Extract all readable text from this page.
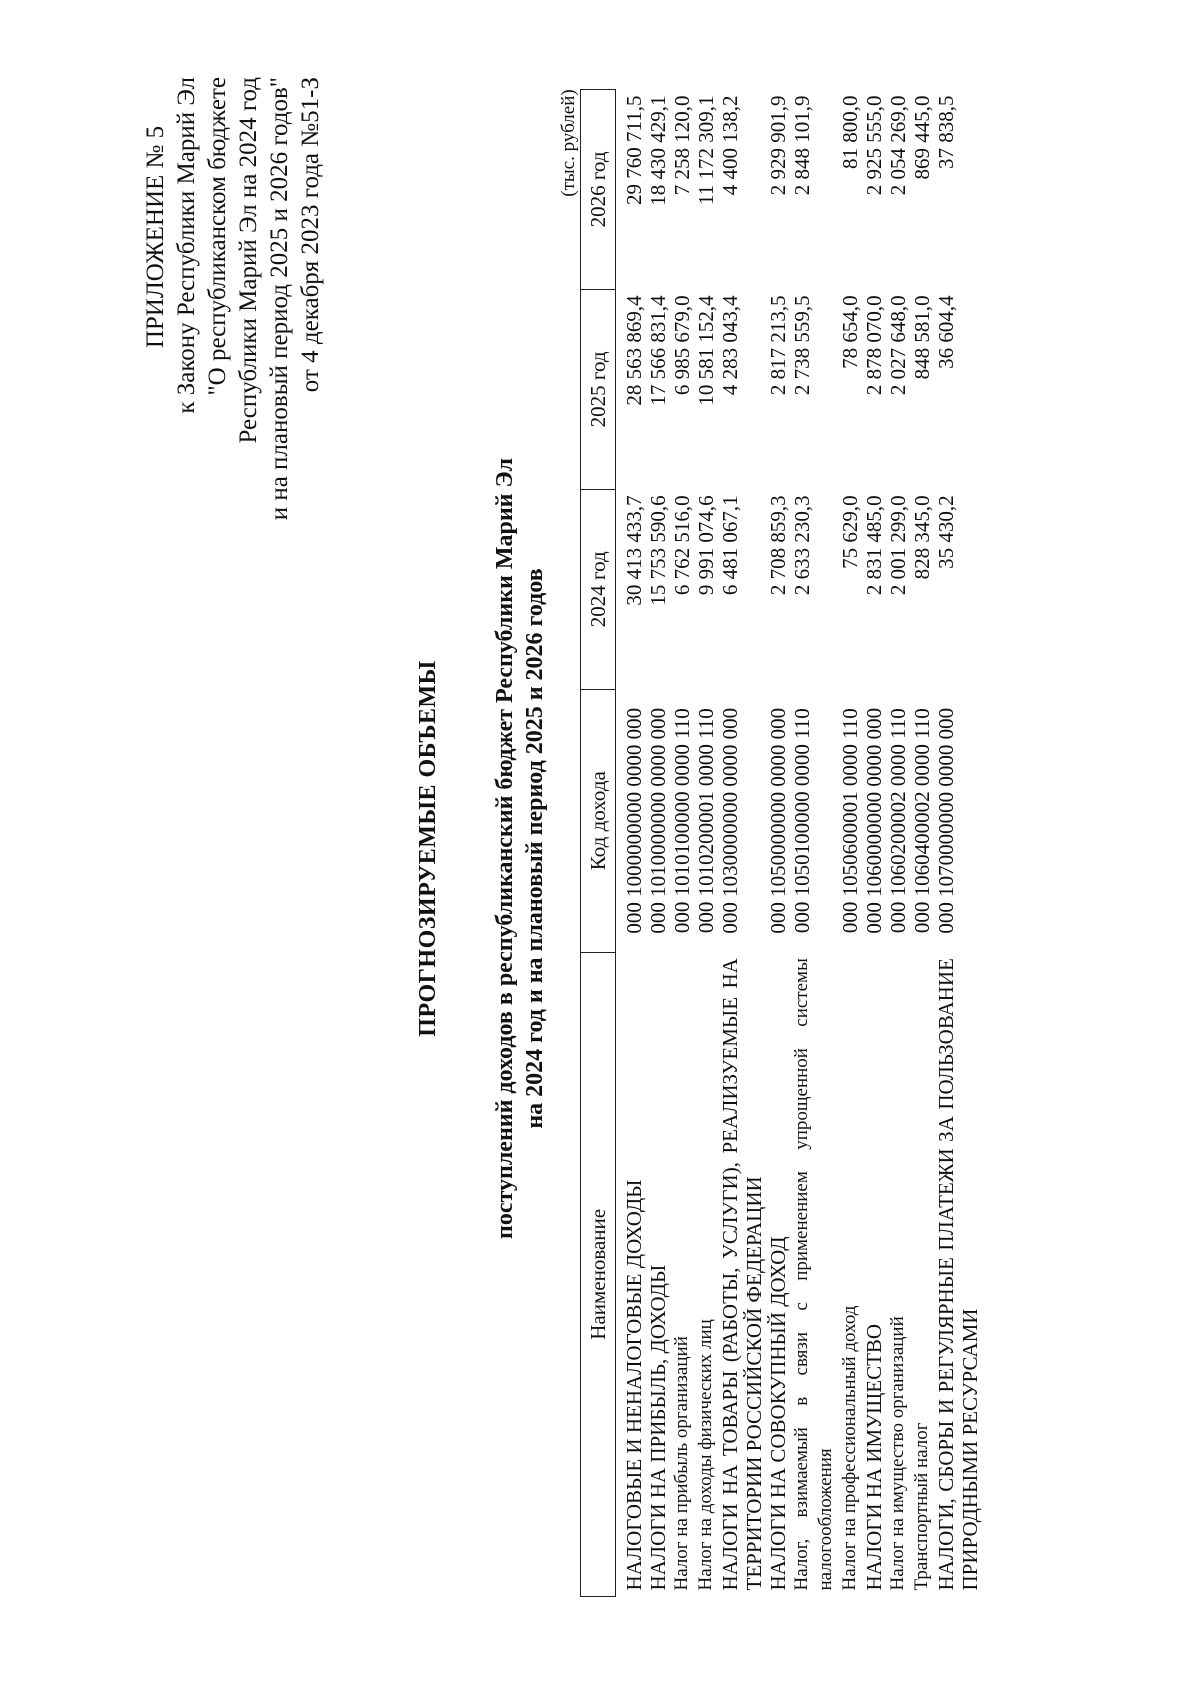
ПРИЛОЖЕНИЕ № 5 к Закону Республики Марий Эл "О республиканском бюджете Республики Марий Эл на 2024 год и на плановый период 2025 и 2026 годов" от 4 декабря 2023 года №51-З
ПРОГНОЗИРУЕМЫЕ ОБЪЕМЫ поступлений доходов в республиканский бюджет Республики Марий Эл на 2024 год и на плановый период 2025 и 2026 годов
(тыс. рублей)
Наименование	Код дохода	2024 год	2025 год	2026 год
НАЛОГОВЫЕ И НЕНАЛОГОВЫЕ ДОХОДЫ	000 1000000000 0000 000	30 413 433,7	28 563 869,4	29 760 711,5
НАЛОГИ НА ПРИБЫЛЬ, ДОХОДЫ	000 1010000000 0000 000	15 753 590,6	17 566 831,4	18 430 429,1
Налог на прибыль организаций	000 1010100000 0000 110	6 762 516,0	6 985 679,0	7 258 120,0
Налог на доходы физических лиц	000 1010200001 0000 110	9 991 074,6	10 581 152,4	11 172 309,1
НАЛОГИ НА ТОВАРЫ (РАБОТЫ, УСЛУГИ), РЕАЛИЗУЕМЫЕ НА ТЕРРИТОРИИ РОССИЙСКОЙ ФЕДЕРАЦИИ	000 1030000000 0000 000	6 481 067,1	4 283 043,4	4 400 138,2
НАЛОГИ НА СОВОКУПНЫЙ ДОХОД	000 1050000000 0000 000	2 708 859,3	2 817 213,5	2 929 901,9
Налог, взимаемый в связи с применением упрощенной системы налогообложения	000 1050100000 0000 110	2 633 230,3	2 738 559,5	2 848 101,9
Налог на профессиональный доход	000 1050600001 0000 110	75 629,0	78 654,0	81 800,0
НАЛОГИ НА ИМУЩЕСТВО	000 1060000000 0000 000	2 831 485,0	2 878 070,0	2 925 555,0
Налог на имущество организаций	000 1060200002 0000 110	2 001 299,0	2 027 648,0	2 054 269,0
Транспортный налог	000 1060400002 0000 110	828 345,0	848 581,0	869 445,0
НАЛОГИ, СБОРЫ И РЕГУЛЯРНЫЕ ПЛАТЕЖИ ЗА ПОЛЬЗОВАНИЕ ПРИРОДНЫМИ РЕСУРСАМИ	000 1070000000 0000 000	35 430,2	36 604,4	37 838,5
